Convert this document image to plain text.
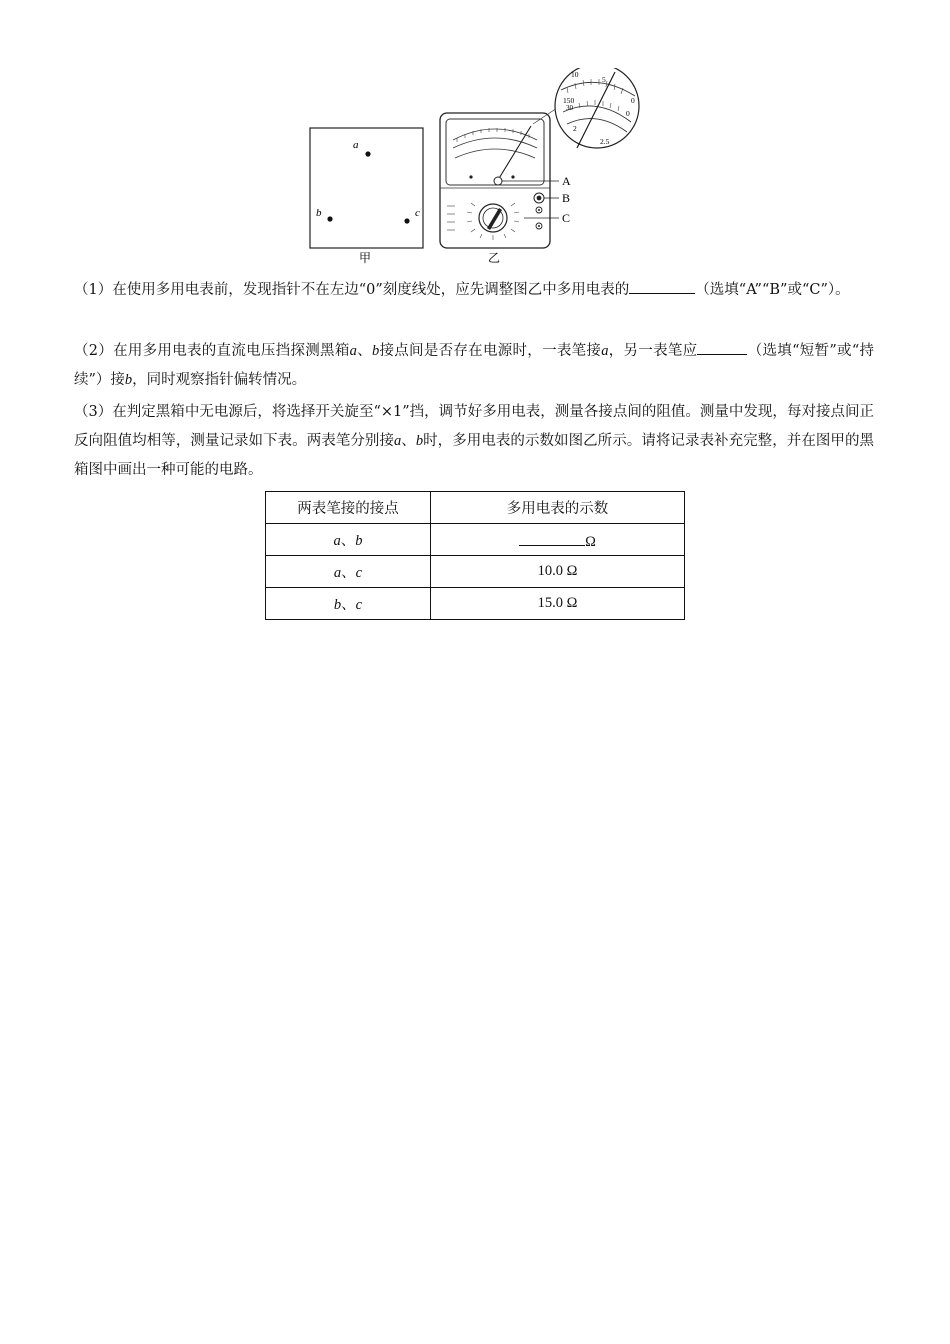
a
b	c
甲
A
B
C
乙
10
5
150	0
30
2
0
2.5
（1）在使用多用电表前，发现指针不在左边“0”刻度线处，应先调整图乙中多用电表的	（选填“A”“B”或“C”）。
（2）在用多用电表的直流电压挡探测黑箱a、b接点间是否存在电源时，一表笔接a，另一表笔应	（选填“短暂”或“持续”）接b，同时观察指针偏转情况。
（3）在判定黑箱中无电源后，将选择开关旋至“×1”挡，调节好多用电表，测量各接点间的阻值。测量中发现，每对接点间正反向阻值均相等，测量记录如下表。两表笔分别接a、b时，多用电表的示数如图乙所示。请将记录表补充完整，并在图甲的黑箱图中画出一种可能的电路。
两表笔接的接点	多用电表的示数
a、b	Ω
a、c	10.0 Ω
b、c	15.0 Ω
